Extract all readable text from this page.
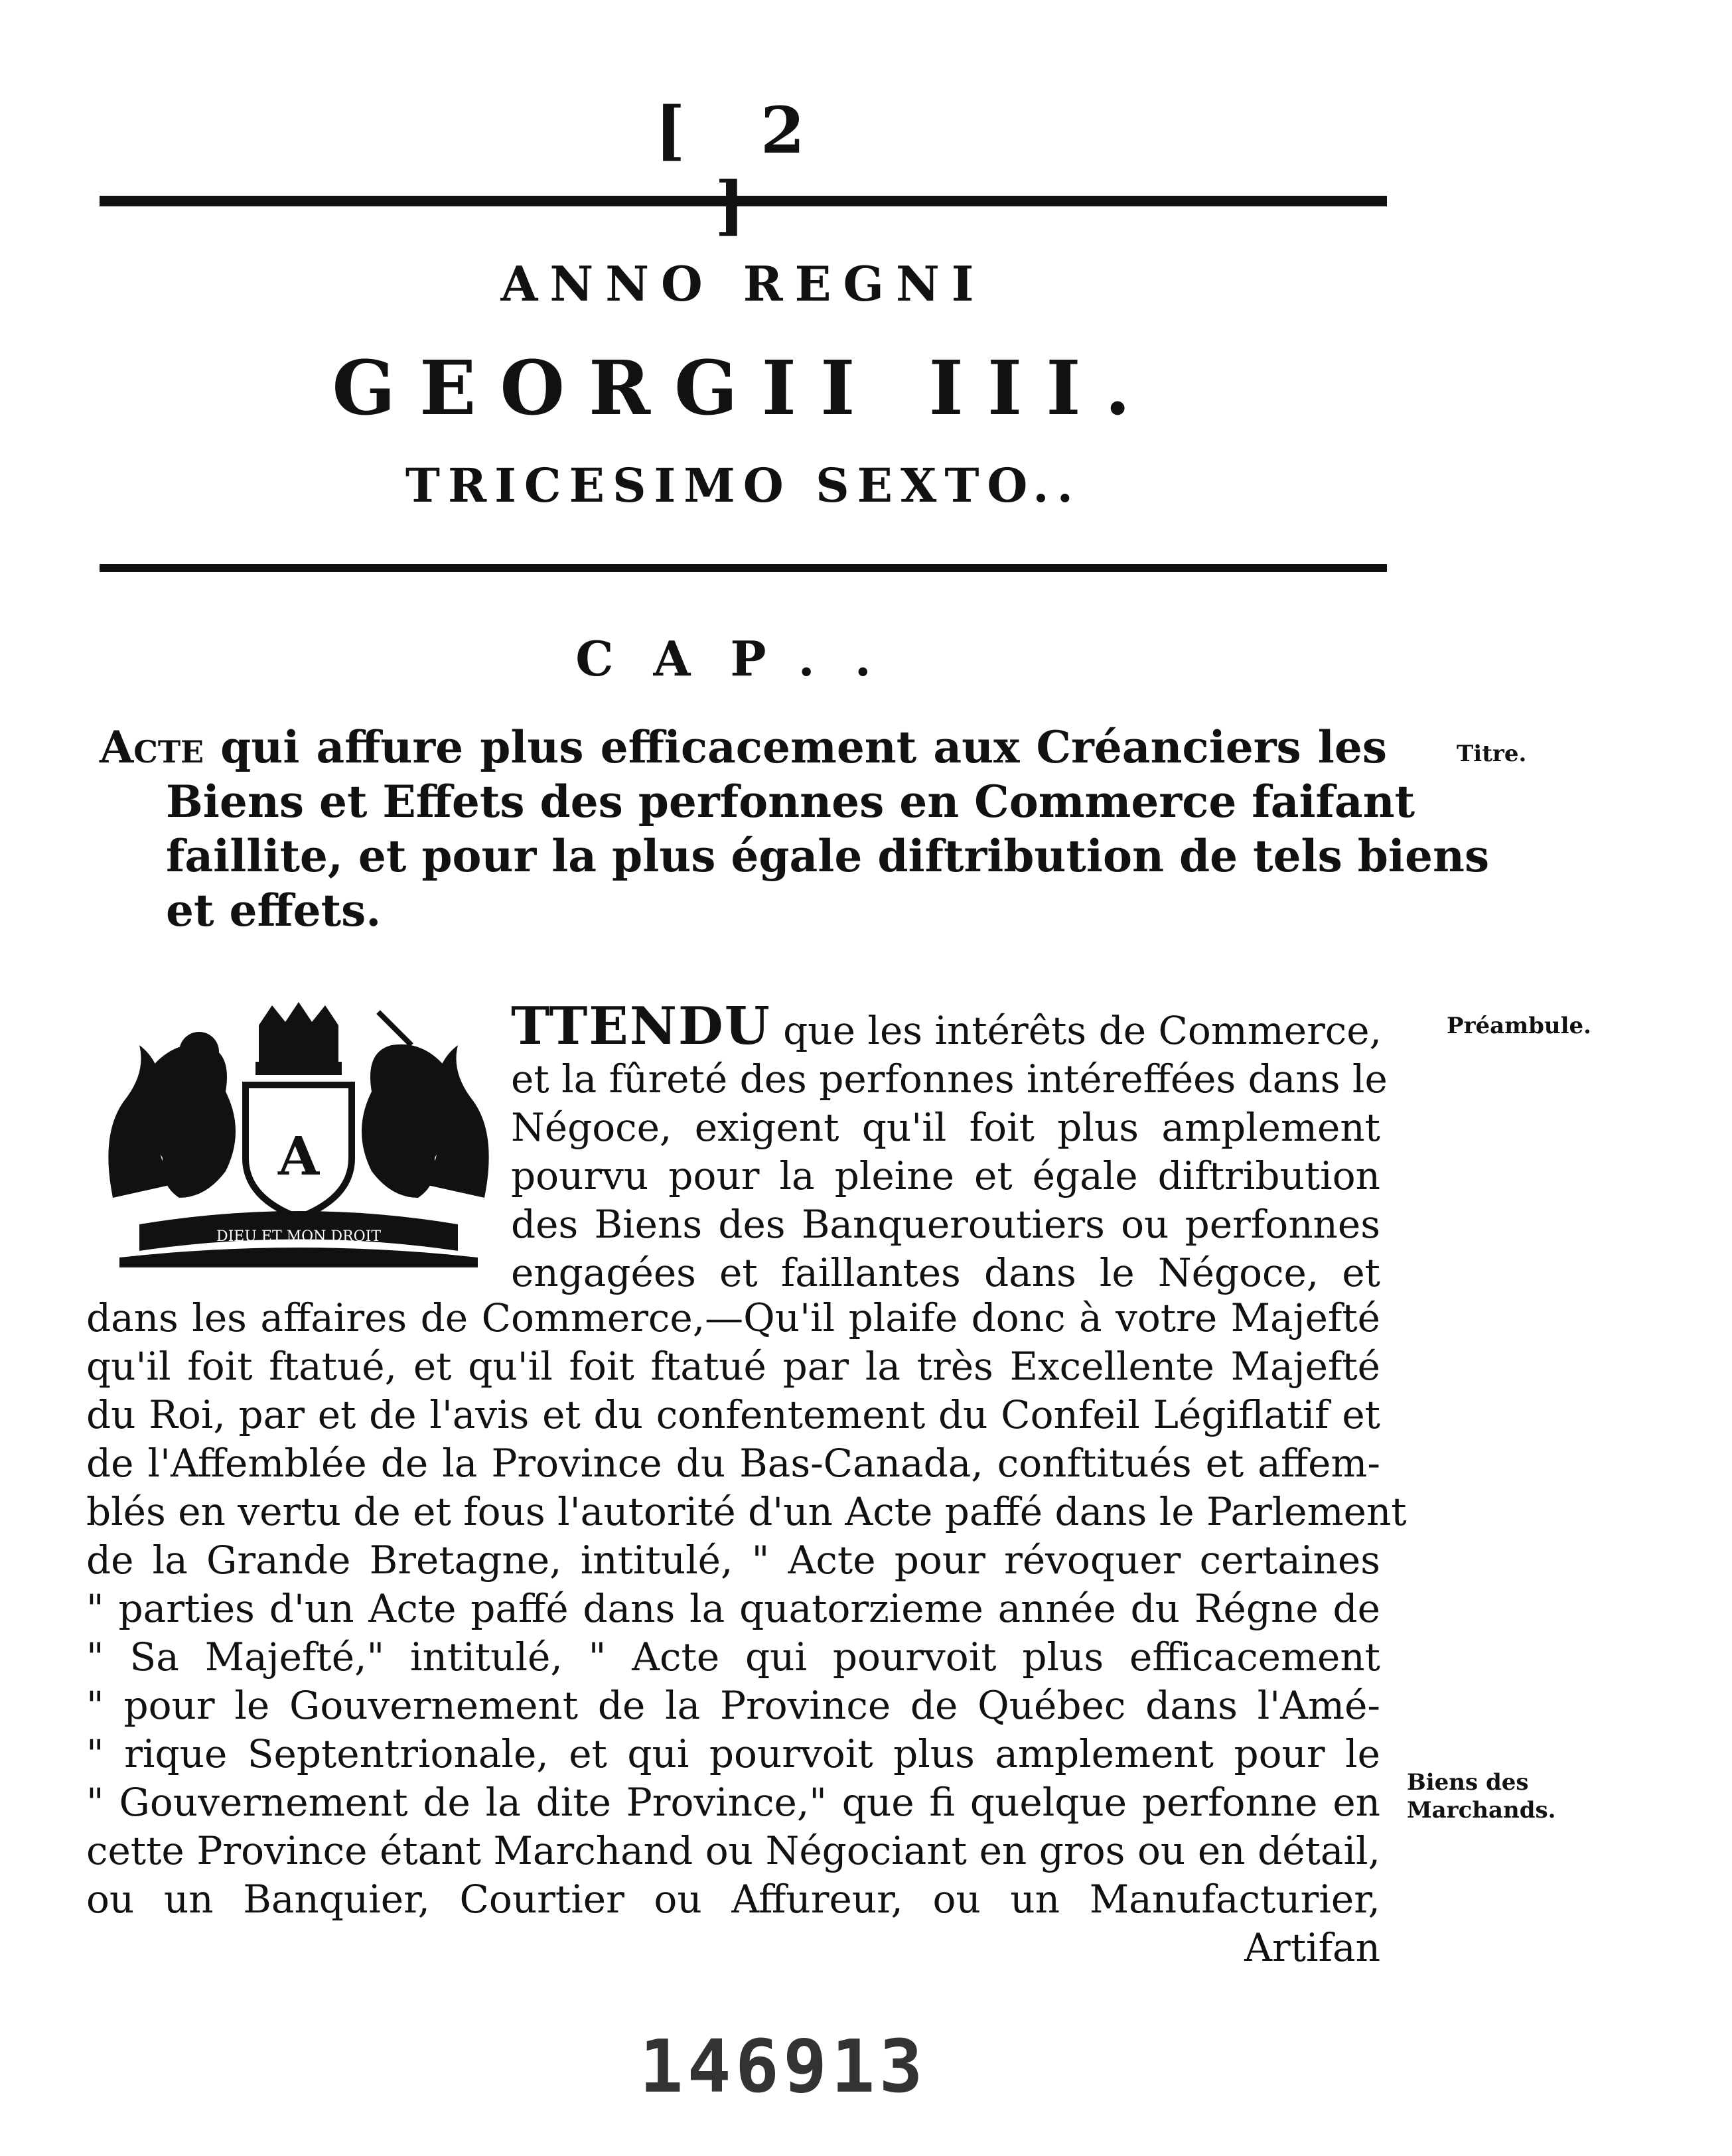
[ 2
ANNO REGNI
GEORGII III.
TRICESIMO SEXTO..
CAP..
Acte qui affure plus efficacement aux Créanciers les
Biens et Effets des perfonnes en Commerce faifant
faillite, et pour la plus égale diftribution de tels biens
et effets.
Titre.
Préambule.
Biens des Marchands.
A
DIEU ET MON DROIT
TTENDU que les intérêts de Commerce,
et la fûreté des perfonnes intéreffées dans le
Négoce, exigent qu'il foit plus amplement
pourvu pour la pleine et égale diftribution
des Biens des Banqueroutiers ou perfonnes
engagées et faillantes dans le Négoce, et
dans les affaires de Commerce,—Qu'il plaife donc à votre Majefté
qu'il foit ftatué, et qu'il foit ftatué par la très Excellente Majefté
du Roi, par et de l'avis et du confentement du Confeil Légiflatif et
de l'Affemblée de la Province du Bas-Canada, conftitués et affem-
blés en vertu de et fous l'autorité d'un Acte paffé dans le Parlement
de la Grande Bretagne, intitulé, " Acte pour révoquer certaines
" parties d'un Acte paffé dans la quatorzieme année du Régne de
" Sa Majefté," intitulé, " Acte qui pourvoit plus efficacement
" pour le Gouvernement de la Province de Québec dans l'Amé-
" rique Septentrionale, et qui pourvoit plus amplement pour le
" Gouvernement de la dite Province," que fi quelque perfonne en
cette Province étant Marchand ou Négociant en gros ou en détail,
ou un Banquier, Courtier ou Affureur, ou un Manufacturier,
Artifan
146913
